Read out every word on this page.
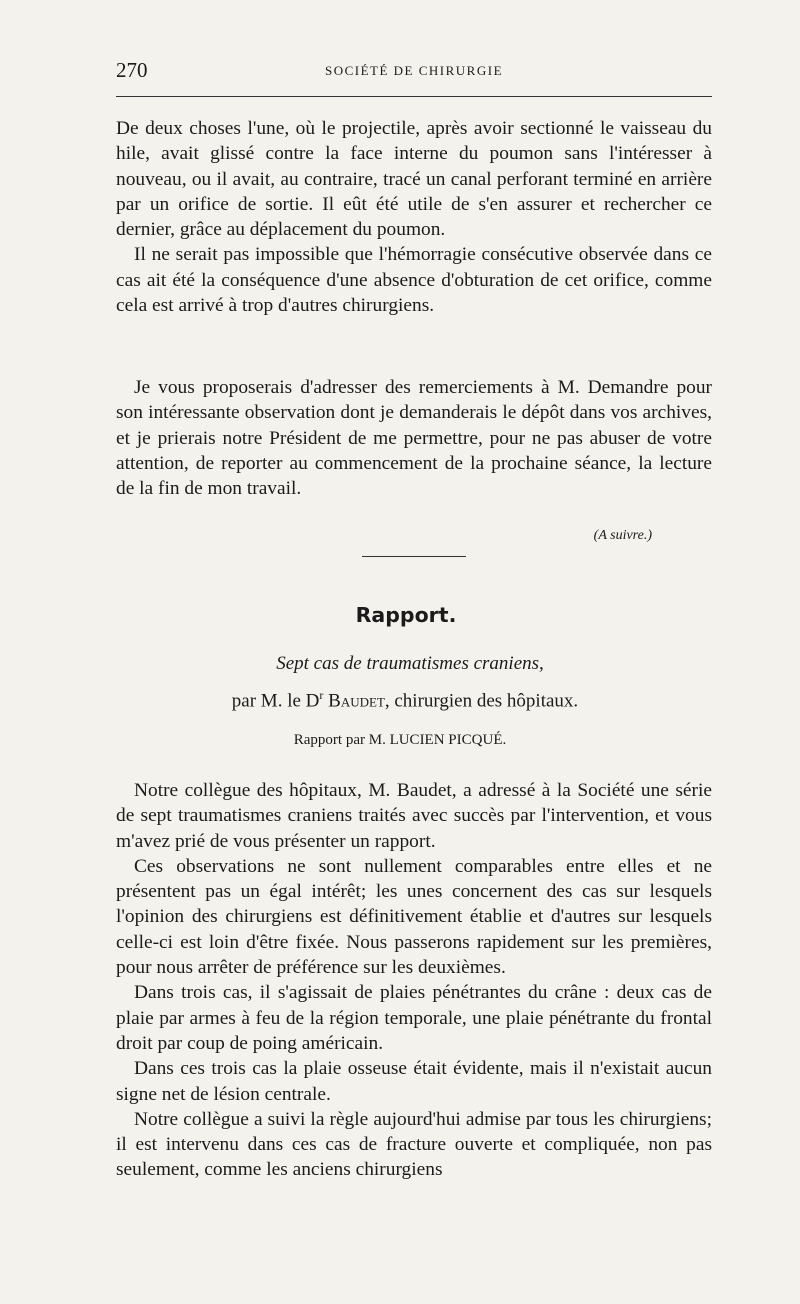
270	SOCIÉTÉ DE CHIRURGIE

De deux choses l'une, où le projectile, après avoir sectionné le vaisseau du hile, avait glissé contre la face interne du poumon sans l'intéresser à nouveau, ou il avait, au contraire, tracé un canal perforant terminé en arrière par un orifice de sortie. Il eût été utile de s'en assurer et rechercher ce dernier, grâce au déplacement du poumon.

Il ne serait pas impossible que l'hémorragie consécutive observée dans ce cas ait été la conséquence d'une absence d'obturation de cet orifice, comme cela est arrivé à trop d'autres chirurgiens.

Je vous proposerais d'adresser des remerciements à M. Demandre pour son intéressante observation dont je demanderais le dépôt dans vos archives, et je prierais notre Président de me permettre, pour ne pas abuser de votre attention, de reporter au commencement de la prochaine séance, la lecture de la fin de mon travail.

(A suivre.)
Rapport.
Sept cas de traumatismes craniens,
par M. le $D^r$ Baudet, chirurgien des hôpitaux.
Rapport par M. LUCIEN PICQUÉ.

Notre collègue des hôpitaux, M. Baudet, a adressé à la Société une série de sept traumatismes craniens traités avec succès par l'intervention, et vous m'avez prié de vous présenter un rapport.

Ces observations ne sont nullement comparables entre elles et ne présentent pas un égal intérêt; les unes concernent des cas sur lesquels l'opinion des chirurgiens est définitivement établie et d'autres sur lesquels celle-ci est loin d'être fixée. Nous passerons rapidement sur les premières, pour nous arrêter de préférence sur les deuxièmes.

Dans trois cas, il s'agissait de plaies pénétrantes du crâne : deux cas de plaie par armes à feu de la région temporale, une plaie pénétrante du frontal droit par coup de poing américain.

Dans ces trois cas la plaie osseuse était évidente, mais il n'existait aucun signe net de lésion centrale.

Notre collègue a suivi la règle aujourd'hui admise par tous les chirurgiens; il est intervenu dans ces cas de fracture ouverte et compliquée, non pas seulement, comme les anciens chirurgiens
